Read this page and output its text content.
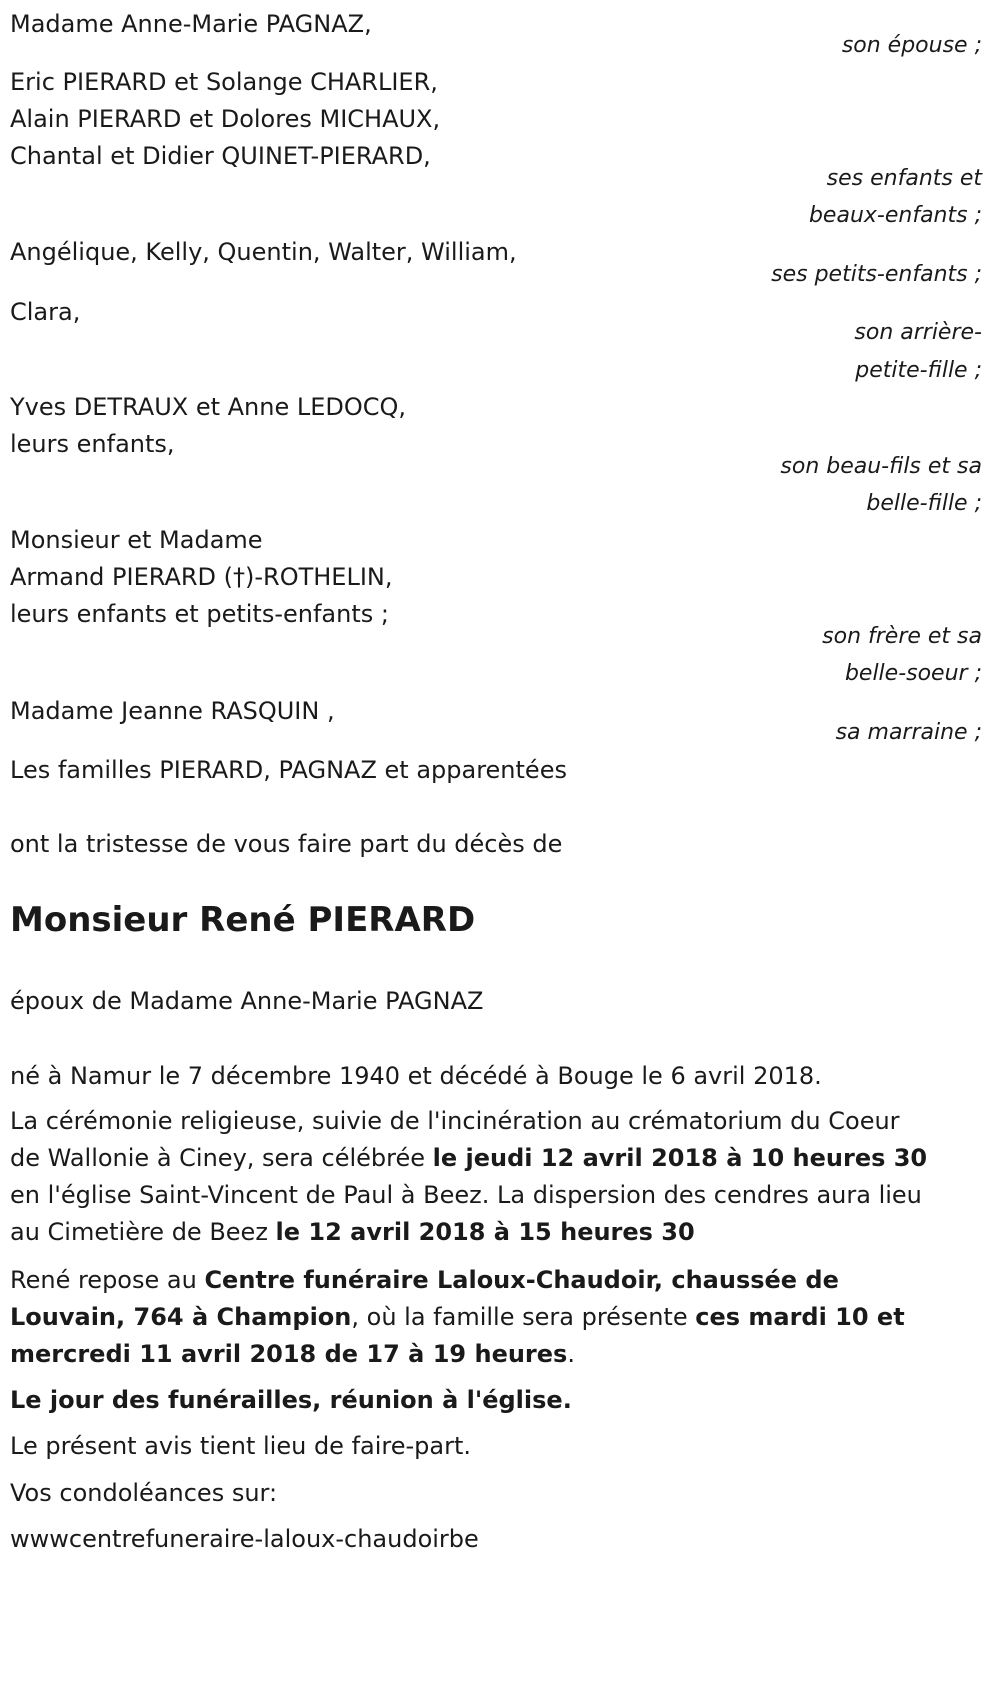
Madame Anne-Marie PAGNAZ,
son épouse ;
Eric PIERARD et Solange CHARLIER,
Alain PIERARD et Dolores MICHAUX,
Chantal et Didier QUINET-PIERARD,
ses enfants et
beaux-enfants ;
Angélique, Kelly, Quentin, Walter, William,
ses petits-enfants ;
Clara,
son arrière-
petite-fille ;
Yves DETRAUX et Anne LEDOCQ,
leurs enfants,
son beau-fils et sa
belle-fille ;
Monsieur et Madame
Armand PIERARD (†)-ROTHELIN,
leurs enfants et petits-enfants ;
son frère et sa
belle-soeur ;
Madame Jeanne RASQUIN ,
sa marraine ;
Les familles PIERARD, PAGNAZ et apparentées
ont la tristesse de vous faire part du décès de
Monsieur René PIERARD
époux de Madame Anne-Marie PAGNAZ
né à Namur le 7 décembre 1940 et décédé à Bouge le 6 avril 2018.
La cérémonie religieuse, suivie de l'incinération au crématorium du Coeur de Wallonie à Ciney, sera célébrée le jeudi 12 avril 2018 à 10 heures 30 en l'église Saint-Vincent de Paul à Beez. La dispersion des cendres aura lieu au Cimetière de Beez le 12 avril 2018 à 15 heures 30
René repose au Centre funéraire Laloux-Chaudoir, chaussée de Louvain, 764 à Champion, où la famille sera présente ces mardi 10 et mercredi 11 avril 2018 de 17 à 19 heures.
Le jour des funérailles, réunion à l'église.
Le présent avis tient lieu de faire-part.
Vos condoléances sur:
wwwcentrefuneraire-laloux-chaudoirbe
